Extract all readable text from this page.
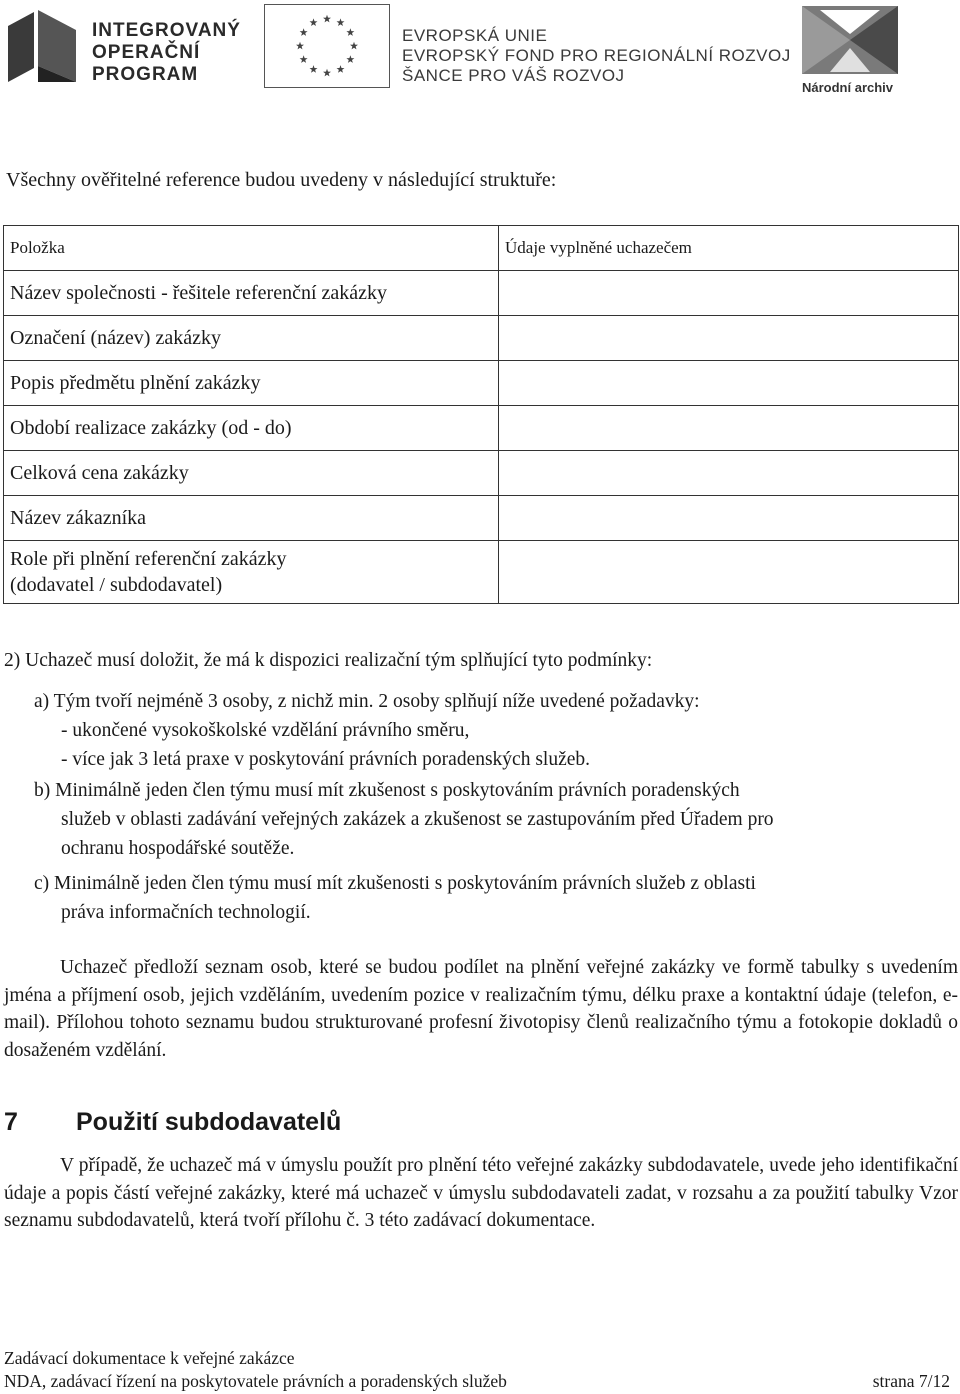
INTEGROVANÝ
OPERAČNÍ
PROGRAM
EVROPSKÁ UNIE
EVROPSKÝ FOND PRO REGIONÁLNÍ ROZVOJ
ŠANCE PRO VÁŠ ROZVOJ
Národní archiv
Všechny ověřitelné reference budou uvedeny v následující struktuře:
Položka	Údaje vyplněné uchazečem
Název společnosti - řešitele referenční zakázky	
Označení (název) zakázky	
Popis předmětu plnění zakázky	
Období realizace zakázky (od - do)	
Celková cena zakázky	
Název zákazníka	

Role při plnění referenční zakázky
(dodavatel / subdodavatel)	

2) Uchazeč musí doložit, že má k dispozici realizační tým splňující tyto podmínky:
a) Tým tvoří nejméně 3 osoby, z nichž min. 2 osoby splňují níže uvedené požadavky:
- ukončené vysokoškolské vzdělání právního směru,
- více jak 3 letá praxe v poskytování právních poradenských služeb.
b) Minimálně jeden člen týmu musí mít zkušenost s poskytováním právních poradenských
služeb v oblasti zadávání veřejných zakázek a zkušenost se zastupováním před Úřadem pro
ochranu hospodářské soutěže.
c) Minimálně jeden člen týmu musí mít zkušenosti s poskytováním právních služeb z oblasti
práva informačních technologií.
Uchazeč předloží seznam osob, které se budou podílet na plnění veřejné zakázky ve formě tabulky s uvedením jména a příjmení osob, jejich vzděláním, uvedením pozice v realizačním týmu, délku praxe a kontaktní údaje (telefon, e-mail). Přílohou tohoto seznamu budou strukturované profesní životopisy členů realizačního týmu a fotokopie dokladů o dosaženém vzdělání.
7 Použití subdodavatelů
V případě, že uchazeč má v úmyslu použít pro plnění této veřejné zakázky subdodavatele, uvede jeho identifikační údaje a popis částí veřejné zakázky, které má uchazeč v úmyslu subdodavateli zadat, v rozsahu a za použití tabulky Vzor seznamu subdodavatelů, která tvoří přílohu č. 3 této zadávací dokumentace.
Zadávací dokumentace k veřejné zakázce
NDA, zadávací řízení na poskytovatele právních a poradenských služeb	strana 7/12
